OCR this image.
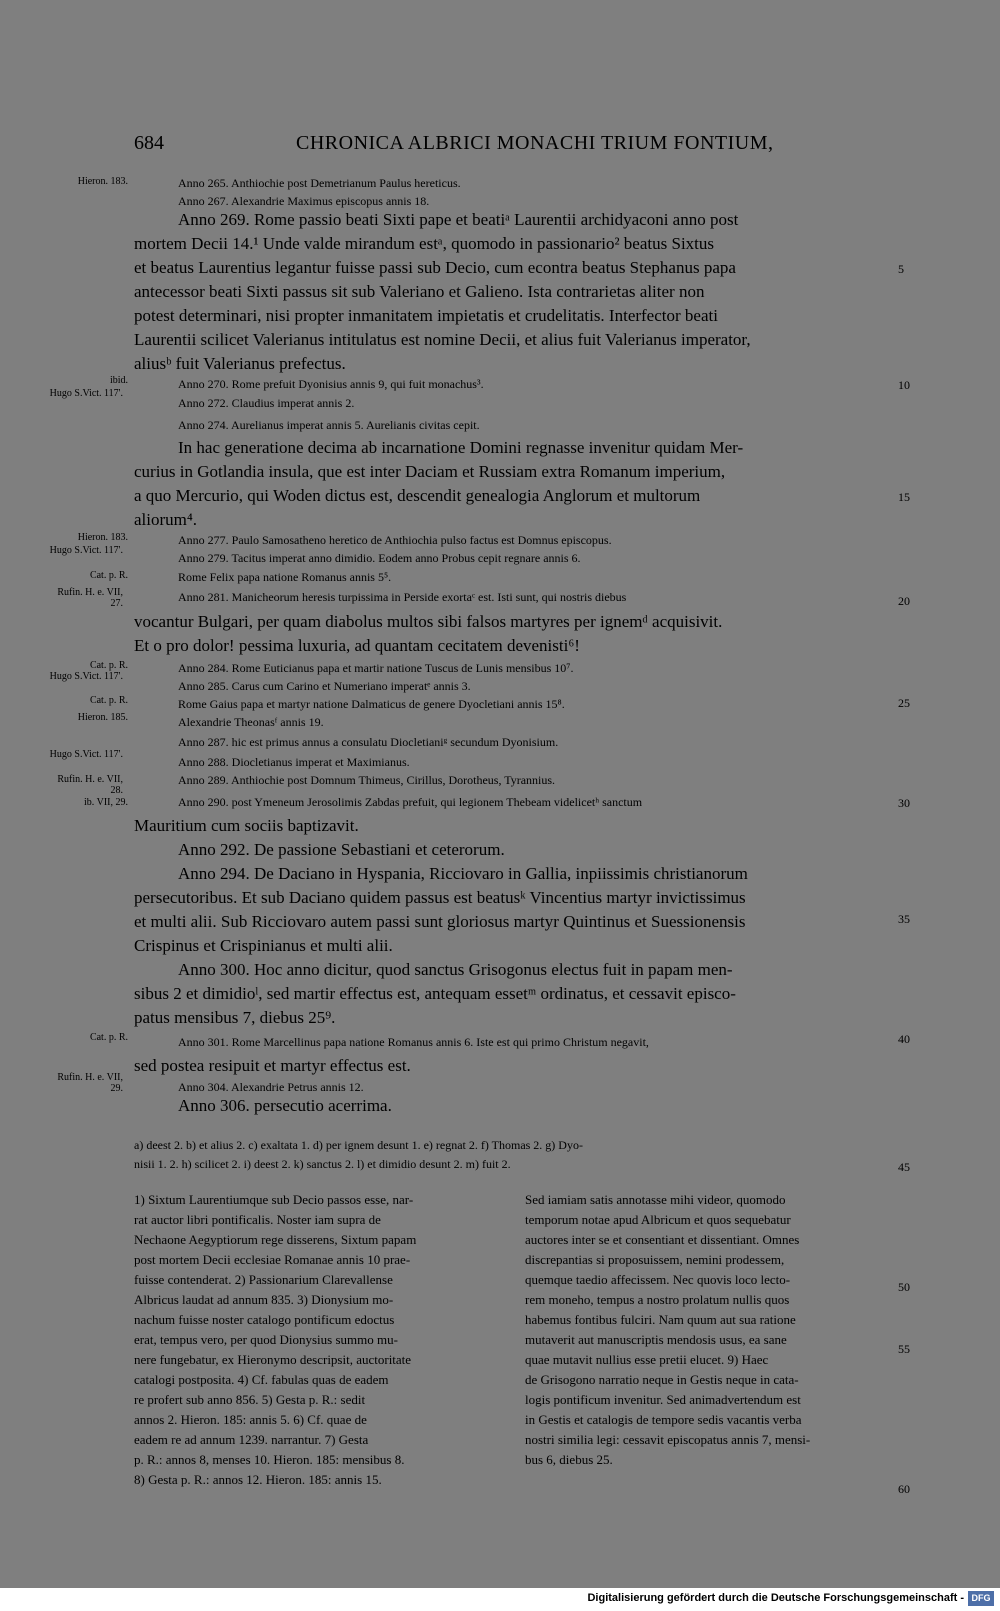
684	CHRONICA ALBRICI MONACHI TRIUM FONTIUM,
Hieron. 183.
ibid.
Hugo S.Vict. 117'.
Hieron. 183.
Hugo S.Vict. 117'.
Cat. p. R.
Rufin. H. e. VII, 27.
Cat. p. R.
Hugo S.Vict. 117'.
Cat. p. R.
Hieron. 185.
Hugo S.Vict. 117'.
Rufin. H. e. VII, 28.
ib. VII, 29.
Cat. p. R.
Rufin. H. e. VII, 29.
5
10
15
20
25
30
35
40
45
50
55
60
Anno 265. Anthiochie post Demetrianum Paulus hereticus.
Anno 267. Alexandrie Maximus episcopus annis 18.
Anno 269. Rome passio beati Sixti pape et beatiᵃ Laurentii archidyaconi anno post
mortem Decii 14.¹ Unde valde mirandum estᵃ, quomodo in passionario² beatus Sixtus
et beatus Laurentius legantur fuisse passi sub Decio, cum econtra beatus Stephanus papa
antecessor beati Sixti passus sit sub Valeriano et Galieno. Ista contrarietas aliter non
potest determinari, nisi propter inmanitatem impietatis et crudelitatis. Interfector beati
Laurentii scilicet Valerianus intitulatus est nomine Decii, et alius fuit Valerianus imperator,
aliusᵇ fuit Valerianus prefectus.
Anno 270. Rome prefuit Dyonisius annis 9, qui fuit monachus³.
Anno 272. Claudius imperat annis 2.
Anno 274. Aurelianus imperat annis 5. Aurelianis civitas cepit.
In hac generatione decima ab incarnatione Domini regnasse invenitur quidam Mer-
curius in Gotlandia insula, que est inter Daciam et Russiam extra Romanum imperium,
a quo Mercurio, qui Woden dictus est, descendit genealogia Anglorum et multorum
aliorum⁴.
Anno 277. Paulo Samosatheno heretico de Anthiochia pulso factus est Domnus episcopus.
Anno 279. Tacitus imperat anno dimidio. Eodem anno Probus cepit regnare annis 6.
Rome Felix papa natione Romanus annis 5⁵.
Anno 281. Manicheorum heresis turpissima in Perside exortaᶜ est. Isti sunt, qui nostris diebus
vocantur Bulgari, per quam diabolus multos sibi falsos martyres per ignemᵈ acquisivit.
Et o pro dolor! pessima luxuria, ad quantam cecitatem devenisti⁶!
Anno 284. Rome Euticianus papa et martir natione Tuscus de Lunis mensibus 10⁷.
Anno 285. Carus cum Carino et Numeriano imperatᵉ annis 3.
Rome Gaius papa et martyr natione Dalmaticus de genere Dyocletiani annis 15⁸.
Alexandrie Theonasᶠ annis 19.
Anno 287. hic est primus annus a consulatu Diocletianiᵍ secundum Dyonisium.
Anno 288. Diocletianus imperat et Maximianus.
Anno 289. Anthiochie post Domnum Thimeus, Cirillus, Dorotheus, Tyrannius.
Anno 290. post Ymeneum Jerosolimis Zabdas prefuit, qui legionem Thebeam videlicetʰ sanctum
Mauritium cum sociis baptizavit.
Anno 292. De passione Sebastiani et ceterorum.
Anno 294. De Daciano in Hyspania, Ricciovaro in Gallia, inpiissimis christianorum
persecutoribus. Et sub Daciano quidem passus est beatusᵏ Vincentius martyr invictissimus
et multi alii. Sub Ricciovaro autem passi sunt gloriosus martyr Quintinus et Suessionensis
Crispinus et Crispinianus et multi alii.
Anno 300. Hoc anno dicitur, quod sanctus Grisogonus electus fuit in papam men-
sibus 2 et dimidioˡ, sed martir effectus est, antequam essetᵐ ordinatus, et cessavit episco-
patus mensibus 7, diebus 25⁹.
Anno 301. Rome Marcellinus papa natione Romanus annis 6. Iste est qui primo Christum negavit,
sed postea resipuit et martyr effectus est.
Anno 304. Alexandrie Petrus annis 12.
Anno 306. persecutio acerrima.
a) deest 2. b) et alius 2. c) exaltata 1. d) per ignem desunt 1. e) regnat 2. f) Thomas 2. g) Dyo-
nisii 1. 2. h) scilicet 2. i) deest 2. k) sanctus 2. l) et dimidio desunt 2. m) fuit 2.
1) Sixtum Laurentiumque sub Decio passos esse, nar-
rat auctor libri pontificalis. Noster iam supra de
Nechaone Aegyptiorum rege disserens, Sixtum papam
post mortem Decii ecclesiae Romanae annis 10 prae-
fuisse contenderat. 2) Passionarium Clarevallense
Albricus laudat ad annum 835. 3) Dionysium mo-
nachum fuisse noster catalogo pontificum edoctus
erat, tempus vero, per quod Dionysius summo mu-
nere fungebatur, ex Hieronymo descripsit, auctoritate
catalogi postposita. 4) Cf. fabulas quas de eadem
re profert sub anno 856. 5) Gesta p. R.: sedit
annos 2. Hieron. 185: annis 5. 6) Cf. quae de
eadem re ad annum 1239. narrantur. 7) Gesta
p. R.: annos 8, menses 10. Hieron. 185: mensibus 8.
8) Gesta p. R.: annos 12. Hieron. 185: annis 15.
Sed iamiam satis annotasse mihi videor, quomodo
temporum notae apud Albricum et quos sequebatur
auctores inter se et consentiant et dissentiant. Omnes
discrepantias si proposuissem, nemini prodessem,
quemque taedio affecissem. Nec quovis loco lecto-
rem moneho, tempus a nostro prolatum nullis quos
habemus fontibus fulciri. Nam quum aut sua ratione
mutaverit aut manuscriptis mendosis usus, ea sane
quae mutavit nullius esse pretii elucet. 9) Haec
de Grisogono narratio neque in Gestis neque in cata-
logis pontificum invenitur. Sed animadvertendum est
in Gestis et catalogis de tempore sedis vacantis verba
nostri similia legi: cessavit episcopatus annis 7, mensi-
bus 6, diebus 25.
Digitalisierung gefördert durch die Deutsche Forschungsgemeinschaft - DFG
